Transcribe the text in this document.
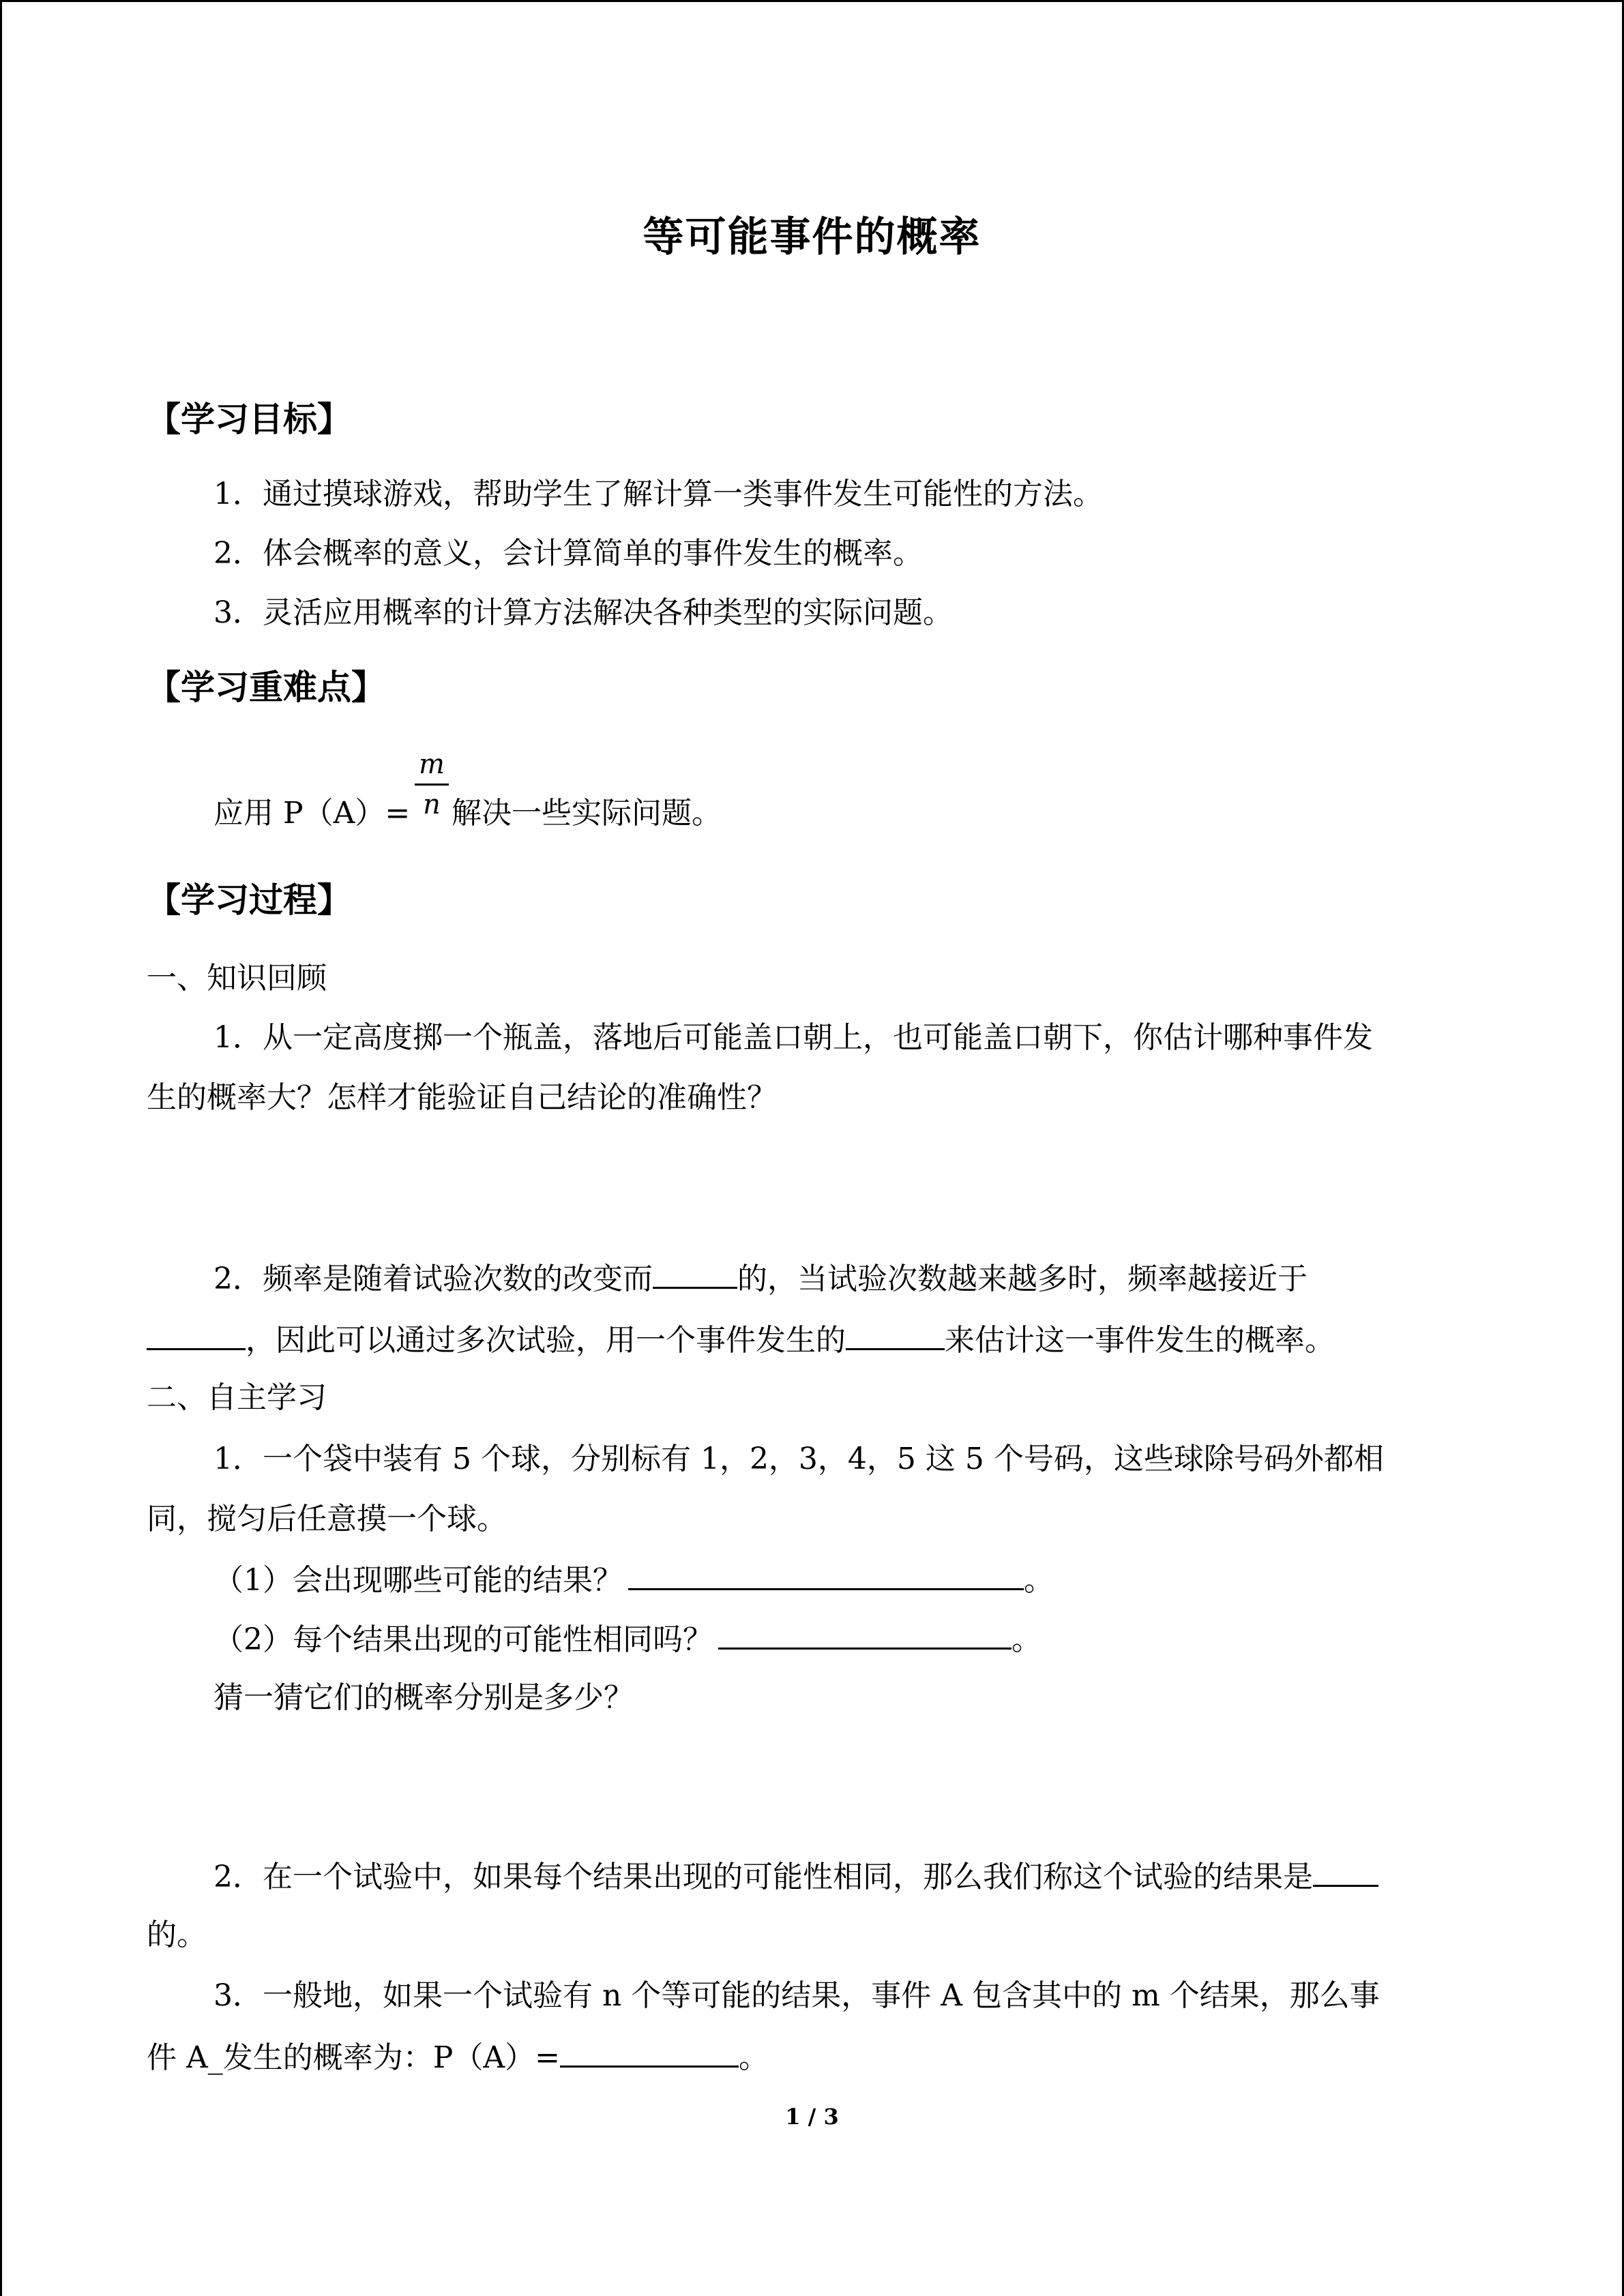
等可能事件的概率
【学习目标】
1．通过摸球游戏，帮助学生了解计算一类事件发生可能性的方法。
2．体会概率的意义，会计算简单的事件发生的概率。
3．灵活应用概率的计算方法解决各种类型的实际问题。
【学习重难点】
应用 P（A）=
m
n 解决一些实际问题。
【学习过程】
一、知识回顾
1．从一定高度掷一个瓶盖，落地后可能盖口朝上，也可能盖口朝下，你估计哪种事件发
生的概率大？怎样才能验证自己结论的准确性？
2．频率是随着试验次数的改变而	的，当试验次数越来越多时，频率越接近于
，因此可以通过多次试验，用一个事件发生的	来估计这一事件发生的概率。
二、自主学习
1．一个袋中装有 5 个球，分别标有 1，2，3，4，5 这 5 个号码，这些球除号码外都相
同，搅匀后任意摸一个球。
（1）会出现哪些可能的结果？	。
（2）每个结果出现的可能性相同吗？	。
猜一猜它们的概率分别是多少？
2．在一个试验中，如果每个结果出现的可能性相同，那么我们称这个试验的结果是
的。
3．一般地，如果一个试验有 n 个等可能的结果，事件 A 包含其中的 m 个结果，那么事
件 A_发生的概率为：P（A）=	。
1 / 3
